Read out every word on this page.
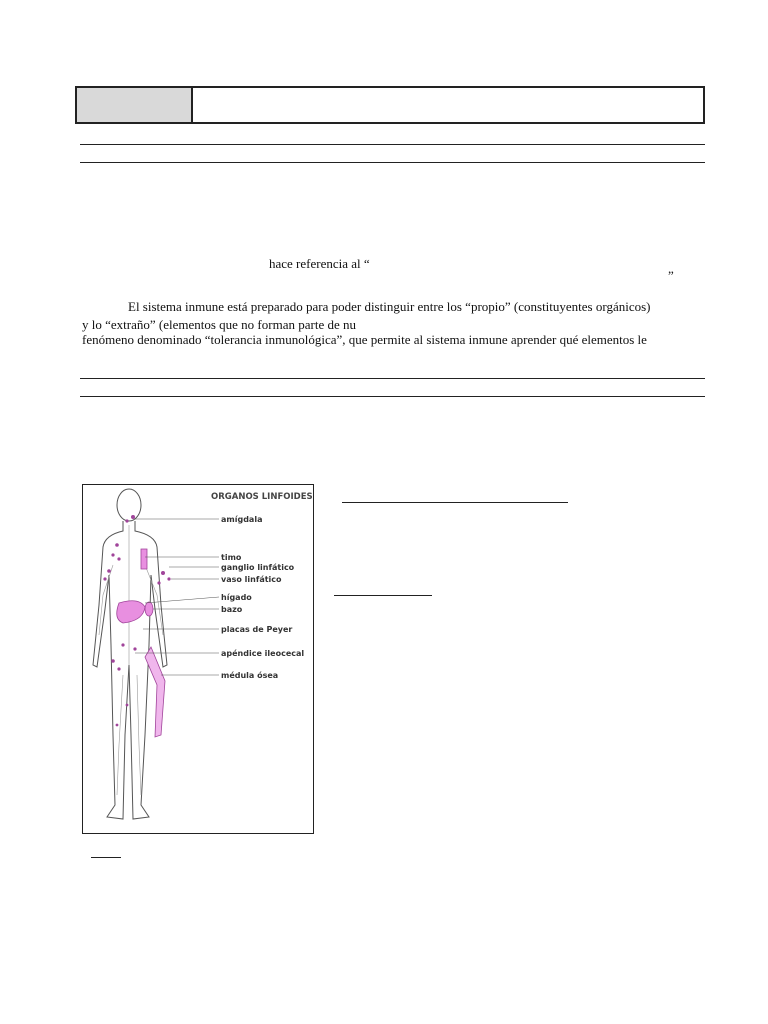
hace referencia al “
”
El sistema inmune está preparado para poder distinguir entre los “propio” (constituyentes orgánicos)
y lo “extraño” (elementos que no forman parte de nu
fenómeno denominado “tolerancia inmunológica”, que permite al sistema inmune aprender qué elementos le
ORGANOS LINFOIDES
amígdala
timo
ganglio linfático
vaso linfático
hígado
bazo
placas de Peyer
apéndice ileocecal
médula ósea
